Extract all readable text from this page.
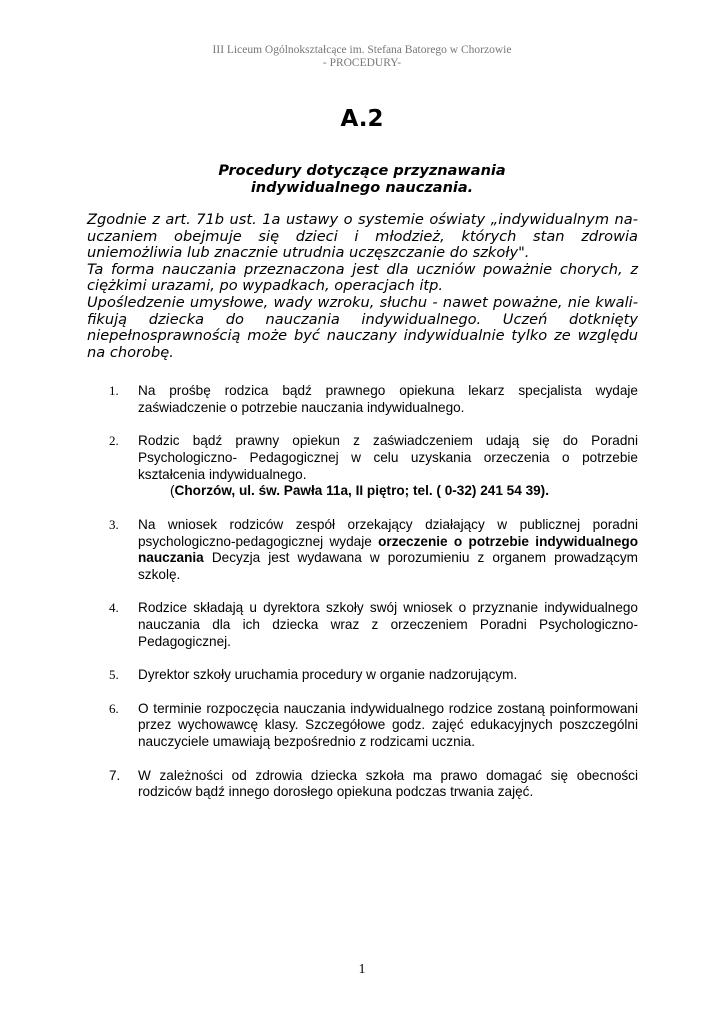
III Liceum Ogólnokształcące im. Stefana Batorego w Chorzowie
- PROCEDURY-
A.2
Procedury dotyczące przyznawania
indywidualnego nauczania.

Zgodnie z art. 71b ust. 1a ustawy o systemie oświaty „indywidualnym na-uczaniem obejmuje się dzieci i młodzież, których stan zdrowia uniemożliwia lub znacznie utrudnia uczęszczanie do szkoły".

Ta forma nauczania przeznaczona jest dla uczniów poważnie chorych, z ciężkimi urazami, po wypadkach, operacjach itp.

Upośledzenie umysłowe, wady wzroku, słuchu - nawet poważne, nie kwali-fikują dziecka do nauczania indywidualnego. Uczeń dotknięty niepełnosprawnością może być nauczany indywidualnie tylko ze względu na chorobę.

1. Na prośbę rodzica bądź prawnego opiekuna lekarz specjalista wydaje zaświadczenie o potrzebie nauczania indywidualnego.
2. Rodzic bądź prawny opiekun z zaświadczeniem udają się do Poradni Psychologiczno- Pedagogicznej w celu uzyskania orzeczenia o potrzebie kształcenia indywidualnego.
(Chorzów, ul. św. Pawła 11a, II piętro; tel. ( 0-32) 241 54 39).
3. Na wniosek rodziców zespół orzekający działający w publicznej poradni psychologiczno-pedagogicznej wydaje orzeczenie o potrzebie indywidualnego nauczania Decyzja jest wydawana w porozumieniu z organem prowadzącym szkolę.
4. Rodzice składają u dyrektora szkoły swój wniosek o przyznanie indywidualnego nauczania dla ich dziecka wraz z orzeczeniem Poradni Psychologiczno-Pedagogicznej.
5. Dyrektor szkoły uruchamia procedury w organie nadzorującym.
6. O terminie rozpoczęcia nauczania indywidualnego rodzice zostaną poinformowani przez wychowawcę klasy. Szczegółowe godz. zajęć edukacyjnych poszczególni nauczyciele umawiają bezpośrednio z rodzicami ucznia.
7. W zależności od zdrowia dziecka szkoła ma prawo domagać się obecności rodziców bądź innego dorosłego opiekuna podczas trwania zajęć.
1
